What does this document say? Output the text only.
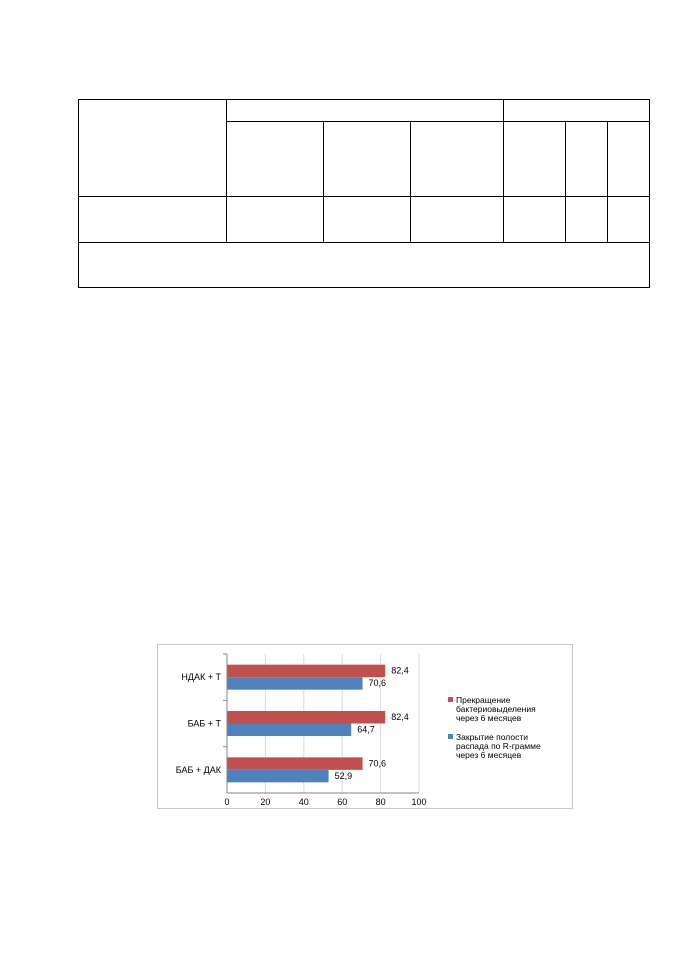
82,4
70,6
82,4
64,7
70,6
52,9
0	20	40	60	80	100
НДАК + Т
БАБ + Т
БАБ + ДАК
Прекращение
бактериовыделения
через 6 месяцев
Закрытие полости
распада по R-грамме
через 6 месяцев
